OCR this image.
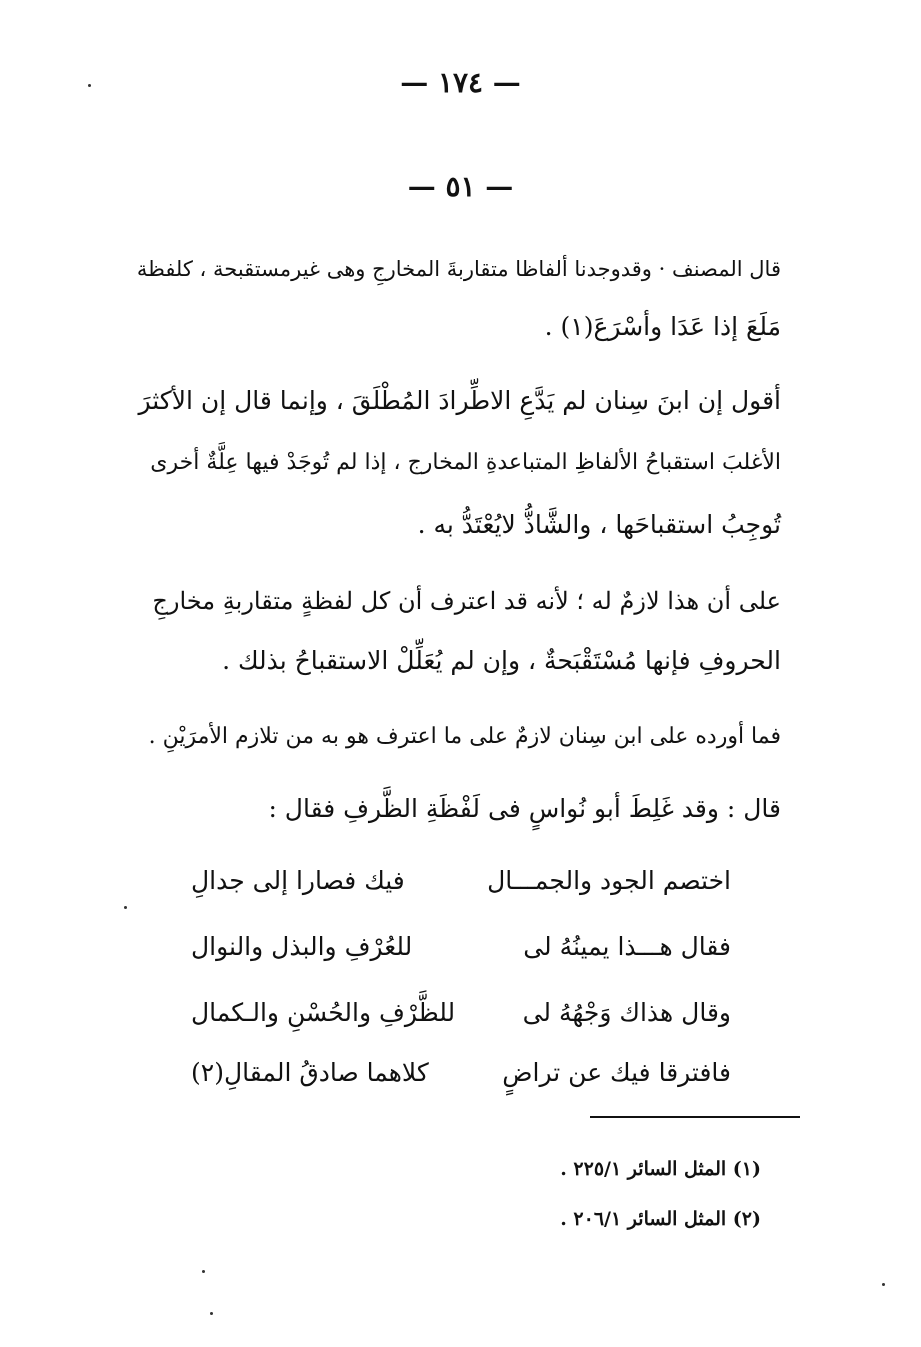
— ١٧٤ —
— ٥١ —
قال المصنف · وقدوجدنا ألفاظا متقاربةَ المخارجِ وهى غيرمستقبحة ، كلفظة
مَلَعَ إذا عَدَا وأسْرَعَ(١) .
أقول إن ابنَ سِنان لم يَدَّعِ الاطِّرادَ المُطْلَقَ ، وإنما قال إن الأكثرَ
الأغلبَ استقباحُ الألفاظِ المتباعدةِ المخارج ، إذا لم تُوجَدْ فيها عِلَّةٌ أخرى
تُوجِبُ استقباحَها ، والشَّاذُّ لايُعْتَدُّ به .
على أن هذا لازمٌ له ؛ لأنه قد اعترف أن كل لفظةٍ متقاربةِ مخارجِ
الحروفِ فإنها مُسْتَقْبَحةٌ ، وإن لم يُعَلِّلْ الاستقباحُ بذلك .
فما أورده على ابن سِنان لازمٌ على ما اعترف هو به من تلازم الأمرَيْنِ .
قال : وقد غَلِطَ أبو نُواسٍ فى لَفْظَةِ الظَّرفِ فقال :
اختصم الجود والجمـــال
فيك فصارا إلى جدالِ
فقال هـــذا يمينُهُ لى
للعُرْفِ والبذل والنوال
وقال هذاك وَجْهُهُ لى
للظَّرْفِ والحُسْنِ والـكمال
فافترقا فيك عن تراضٍ
كلاهما صادقُ المقالِ(٢)
(١) المثل السائر ٢٢٥/١ .
(٢) المثل السائر ٢٠٦/١ .
